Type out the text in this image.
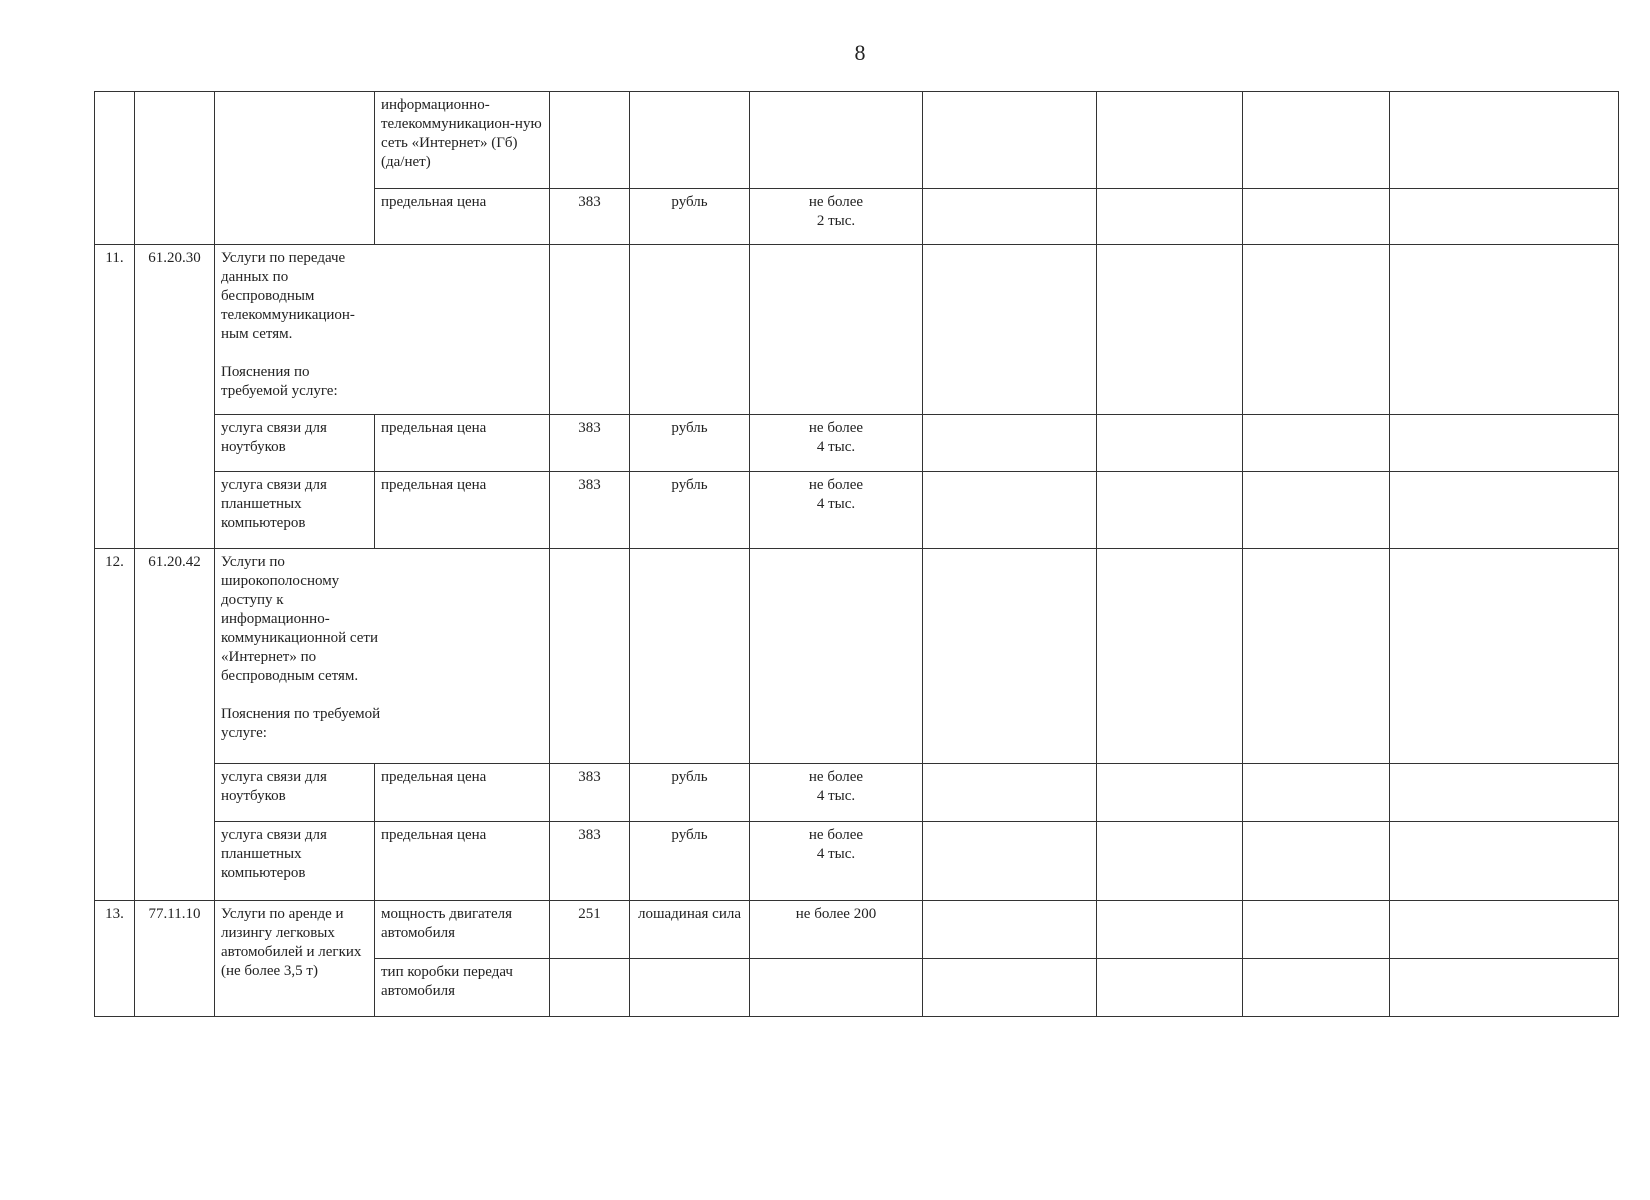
8
			информационно-телекоммуникацион-ную сеть «Интернет» (Гб) (да/нет)							
			предельная цена	383	рубль	не более
2 тыс.				
11.	61.20.30	Услуги по передаче данных по беспроводным телекоммуникацион-ным сетям.
Пояснения по требуемой услуге:								

		услуга связи для ноутбуков	предельная цена	383	рубль	не более
4 тыс.				
		услуга связи для планшетных компьютеров	предельная цена	383	рубль	не более
4 тыс.				
12.	61.20.42	Услуги по широкополосному доступу к информационно-коммуникационной сети «Интернет» по беспроводным сетям.
Пояснения по требуемой услуге:								

		услуга связи для ноутбуков	предельная цена	383	рубль	не более
4 тыс.				
		услуга связи для планшетных компьютеров	предельная цена	383	рубль	не более
4 тыс.				
13.	77.11.10	Услуги по аренде и лизингу легковых автомобилей и легких (не более 3,5 т)	мощность двигателя автомобиля	251	лошадиная сила	не более 200				
			тип коробки передач автомобиля							
